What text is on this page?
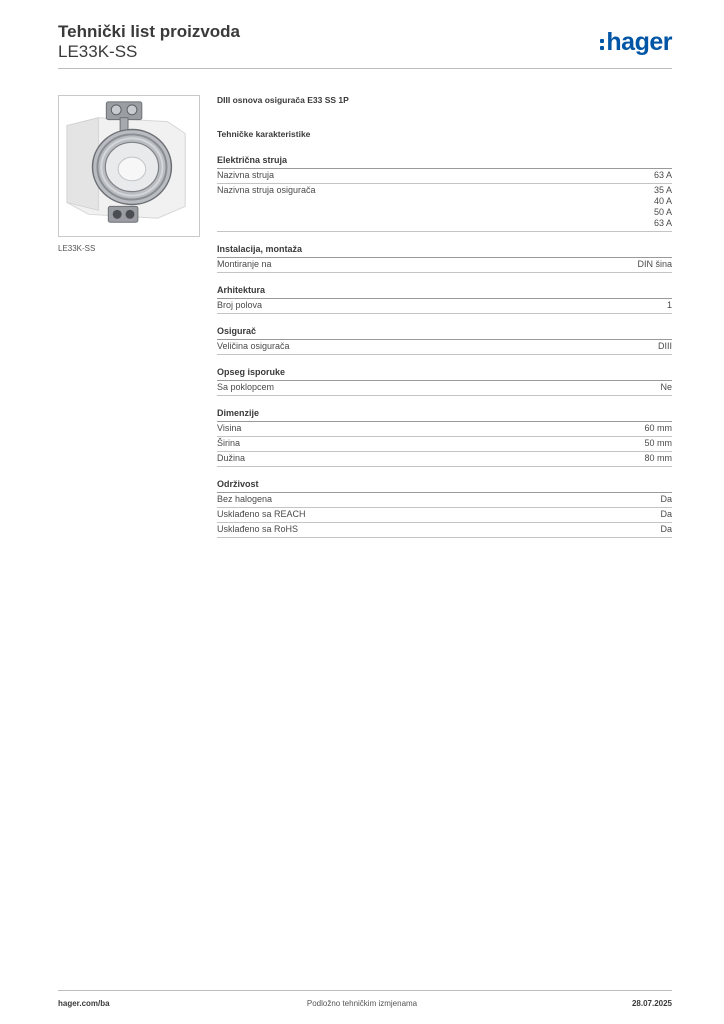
Tehnički list proizvoda
LE33K-SS	hager
LE33K-SS
DIII osnova osigurača E33 SS 1P
Tehničke karakteristike
Električna struja
Nazivna struja	63 A
Nazivna struja osigurača	35 A
40 A
50 A
63 A
Instalacija, montaža
Montiranje na	DIN šina
Arhitektura
Broj polova	1
Osigurač
Veličina osigurača	DIII
Opseg isporuke
Sa poklopcem	Ne
Dimenzije
Visina	60 mm
Širina	50 mm
Dužina	80 mm
Održivost
Bez halogena	Da
Usklađeno sa REACH	Da
Usklađeno sa RoHS	Da
hager.com/ba	Podložno tehničkim izmjenama	28.07.2025
